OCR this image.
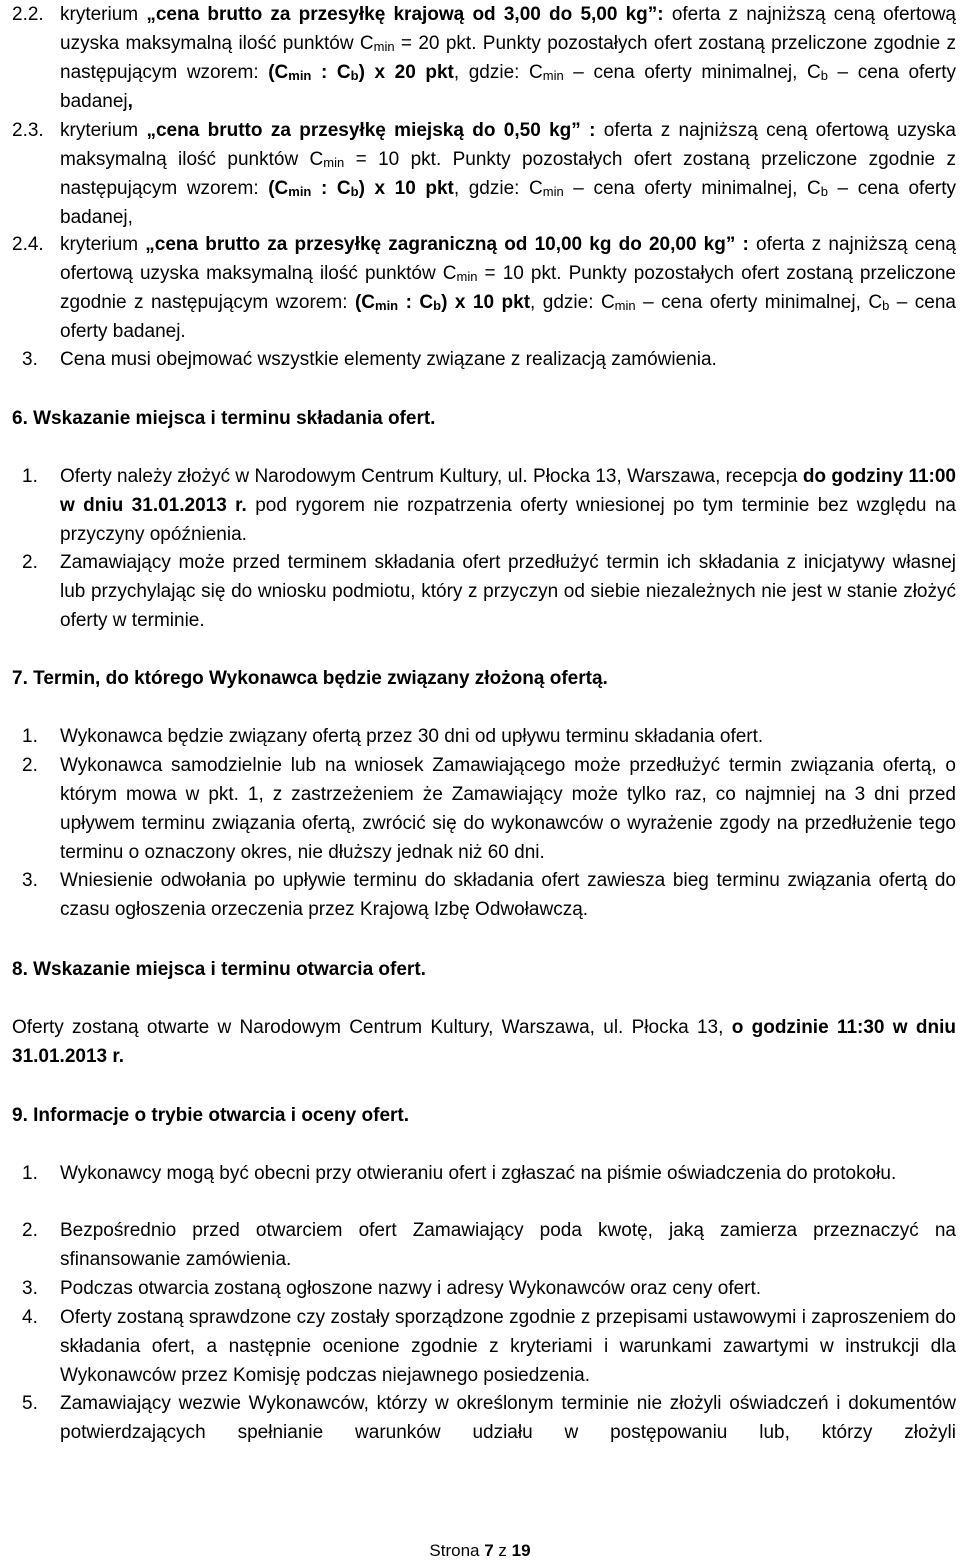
2.2. kryterium „cena brutto za przesyłkę krajową od 3,00 do 5,00 kg”: oferta z najniższą ceną ofertową uzyska maksymalną ilość punktów $C_{min} = 20$ pkt. Punkty pozostałych ofert zostaną przeliczone zgodnie z następującym wzorem: ($C_{min}$ : $C_b$) x 20 pkt, gdzie: $C_{min}$ – cena oferty minimalnej, $C_b$ – cena oferty badanej,
2.3. kryterium „cena brutto za przesyłkę miejską do 0,50 kg” : oferta z najniższą ceną ofertową uzyska maksymalną ilość punktów $C_{min} = 10$ pkt. Punkty pozostałych ofert zostaną przeliczone zgodnie z następującym wzorem: ($C_{min}$ : $C_b$) x 10 pkt, gdzie: $C_{min}$ – cena oferty minimalnej, $C_b$ – cena oferty badanej,
2.4. kryterium „cena brutto za przesyłkę zagraniczną od 10,00 kg do 20,00 kg” : oferta z najniższą ceną ofertową uzyska maksymalną ilość punktów $C_{min} = 10$ pkt. Punkty pozostałych ofert zostaną przeliczone zgodnie z następującym wzorem: ($C_{min}$ : $C_b$) x 10 pkt, gdzie: $C_{min}$ – cena oferty minimalnej, $C_b$ – cena oferty badanej.
3. Cena musi obejmować wszystkie elementy związane z realizacją zamówienia.
6. Wskazanie miejsca i terminu składania ofert.
1. Oferty należy złożyć w Narodowym Centrum Kultury, ul. Płocka 13, Warszawa, recepcja do godziny 11:00 w dniu 31.01.2013 r. pod rygorem nie rozpatrzenia oferty wniesionej po tym terminie bez względu na przyczyny opóźnienia.
2. Zamawiający może przed terminem składania ofert przedłużyć termin ich składania z inicjatywy własnej lub przychylając się do wniosku podmiotu, który z przyczyn od siebie niezależnych nie jest w stanie złożyć oferty w terminie.
7. Termin, do którego Wykonawca będzie związany złożoną ofertą.
1. Wykonawca będzie związany ofertą przez 30 dni od upływu terminu składania ofert.
2. Wykonawca samodzielnie lub na wniosek Zamawiającego może przedłużyć termin związania ofertą, o którym mowa w pkt. 1, z zastrzeżeniem że Zamawiający może tylko raz, co najmniej na 3 dni przed upływem terminu związania ofertą, zwrócić się do wykonawców o wyrażenie zgody na przedłużenie tego terminu o oznaczony okres, nie dłuższy jednak niż 60 dni.
3. Wniesienie odwołania po upływie terminu do składania ofert zawiesza bieg terminu związania ofertą do czasu ogłoszenia orzeczenia przez Krajową Izbę Odwoławczą.
8. Wskazanie miejsca i terminu otwarcia ofert.
Oferty zostaną otwarte w Narodowym Centrum Kultury, Warszawa, ul. Płocka 13, o godzinie 11:30 w dniu 31.01.2013 r.
9. Informacje o trybie otwarcia i oceny ofert.
1. Wykonawcy mogą być obecni przy otwieraniu ofert i zgłaszać na piśmie oświadczenia do protokołu.
2. Bezpośrednio przed otwarciem ofert Zamawiający poda kwotę, jaką zamierza przeznaczyć na sfinansowanie zamówienia.
3. Podczas otwarcia zostaną ogłoszone nazwy i adresy Wykonawców oraz ceny ofert.
4. Oferty zostaną sprawdzone czy zostały sporządzone zgodnie z przepisami ustawowymi i zaproszeniem do składania ofert, a następnie ocenione zgodnie z kryteriami i warunkami zawartymi w instrukcji dla Wykonawców przez Komisję podczas niejawnego posiedzenia.
5. Zamawiający wezwie Wykonawców, którzy w określonym terminie nie złożyli oświadczeń i dokumentów potwierdzających spełnianie warunków udziału w postępowaniu lub, którzy złożyli
Strona 7 z 19
